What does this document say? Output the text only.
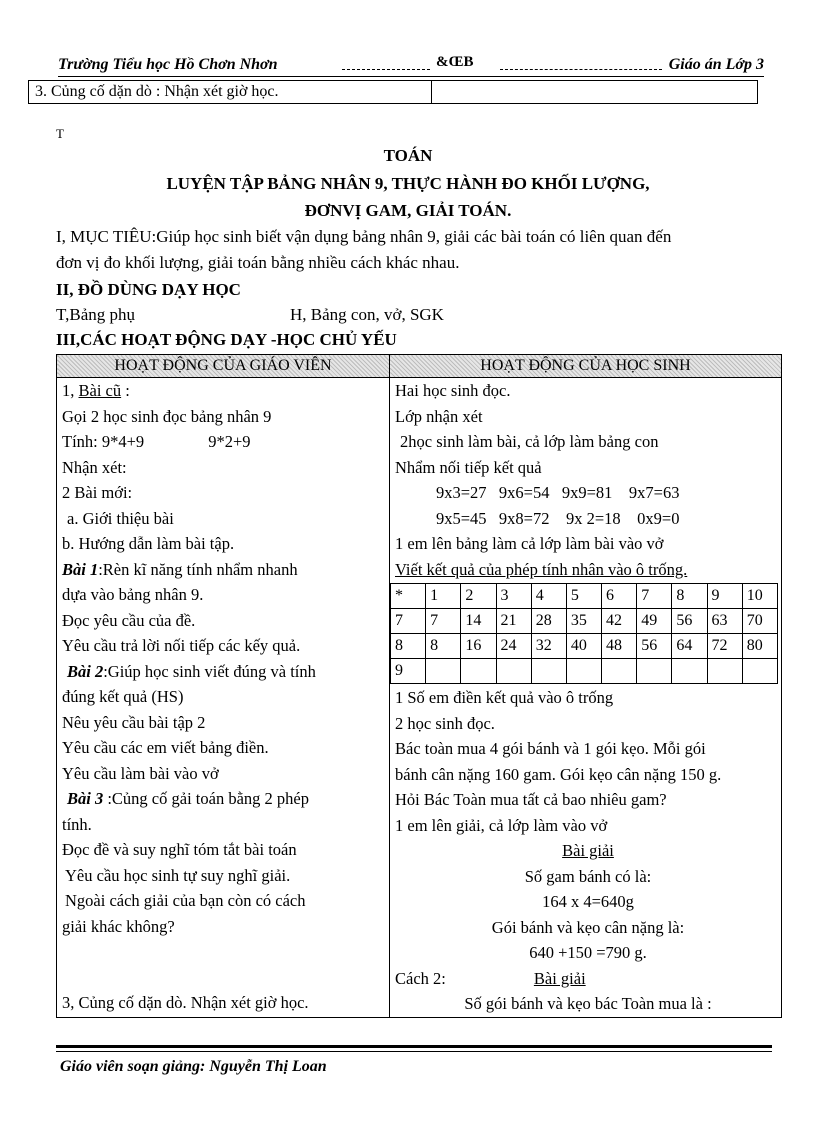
Trường Tiểu học Hồ Chơn Nhơn	&ŒB	Giáo án Lớp 3
3. Củng cố dặn dò : Nhận xét giờ học.	
T
TOÁN
LUYỆN TẬP BẢNG NHÂN 9, THỰC HÀNH ĐO KHỐI LƯỢNG,
ĐƠNVỊ GAM, GIẢI TOÁN.
I, MỤC TIÊU:Giúp học sinh biết vận dụng bảng nhân 9, giải các bài toán có liên quan đến
đơn vị đo khối lượng, giải toán bằng nhiều cách khác nhau.
II, ĐỒ DÙNG DẠY HỌC
T,Bảng phụ	H, Bảng con, vở, SGK
III,CÁC HOẠT ĐỘNG DẠY -HỌC CHỦ YẾU
HOẠT ĐỘNG CỦA GIÁO VIÊN	HOẠT ĐỘNG CỦA HỌC SINH

1, Bài cũ :
Gọi 2 học sinh đọc bảng nhân 9
Tính: 9*4+9	9*2+9
Nhận xét:
2 Bài mới:
a. Giới thiệu bài
b. Hướng dẫn làm bài tập.
Bài 1:Rèn kĩ năng tính nhẩm nhanh
dựa vào bảng nhân 9.
Đọc yêu cầu của đề.
Yêu cầu trả lời nối tiếp các kếy quả.
Bài 2:Giúp học sinh viết đúng và tính
đúng kết quả (HS)
Nêu yêu cầu bài tập 2
Yêu cầu các em viết bảng điền.
Yêu cầu làm bài vào vở
Bài 3 :Củng cố gải toán bằng 2 phép
tính.
Đọc đề và suy nghĩ tóm tắt bài toán
Yêu cầu học sinh tự suy nghĩ giải.
Ngoài cách giải của bạn còn có cách
giải khác không?
3, Củng cố dặn dò. Nhận xét giờ học.

Hai học sinh đọc.
Lớp nhận xét
2học sinh làm bài, cả lớp làm bảng con
Nhẩm nối tiếp kết quả
9x3=27   9x6=54   9x9=81    9x7=63
9x5=45   9x8=72    9x 2=18    0x9=0
1 em lên bảng làm cả lớp làm bài vào vở
Viết kết quả của phép tính nhân vào ô trống.
*	1	2	3	4	5	6	7	8	9	10
7	7	14	21	28	35	42	49	56	63	70
8	8	16	24	32	40	48	56	64	72	80
9										
1 Số em điền kết quả vào ô trống
2 học sinh đọc.
Bác toàn mua 4 gói bánh và 1 gói kẹo. Mỗi gói
bánh cân nặng 160 gam. Gói kẹo cân nặng 150 g.
Hỏi Bác Toàn mua tất cả bao nhiêu gam?
1 em lên giải, cả lớp làm vào vở
Bài giải
Số gam bánh có là:
164 x 4=640g
Gói bánh và kẹo cân nặng là:
640 +150 =790 g.
Cách 2:	Bài giải
Số gói bánh và kẹo bác Toàn mua là :
Giáo viên soạn giảng: Nguyễn Thị Loan
